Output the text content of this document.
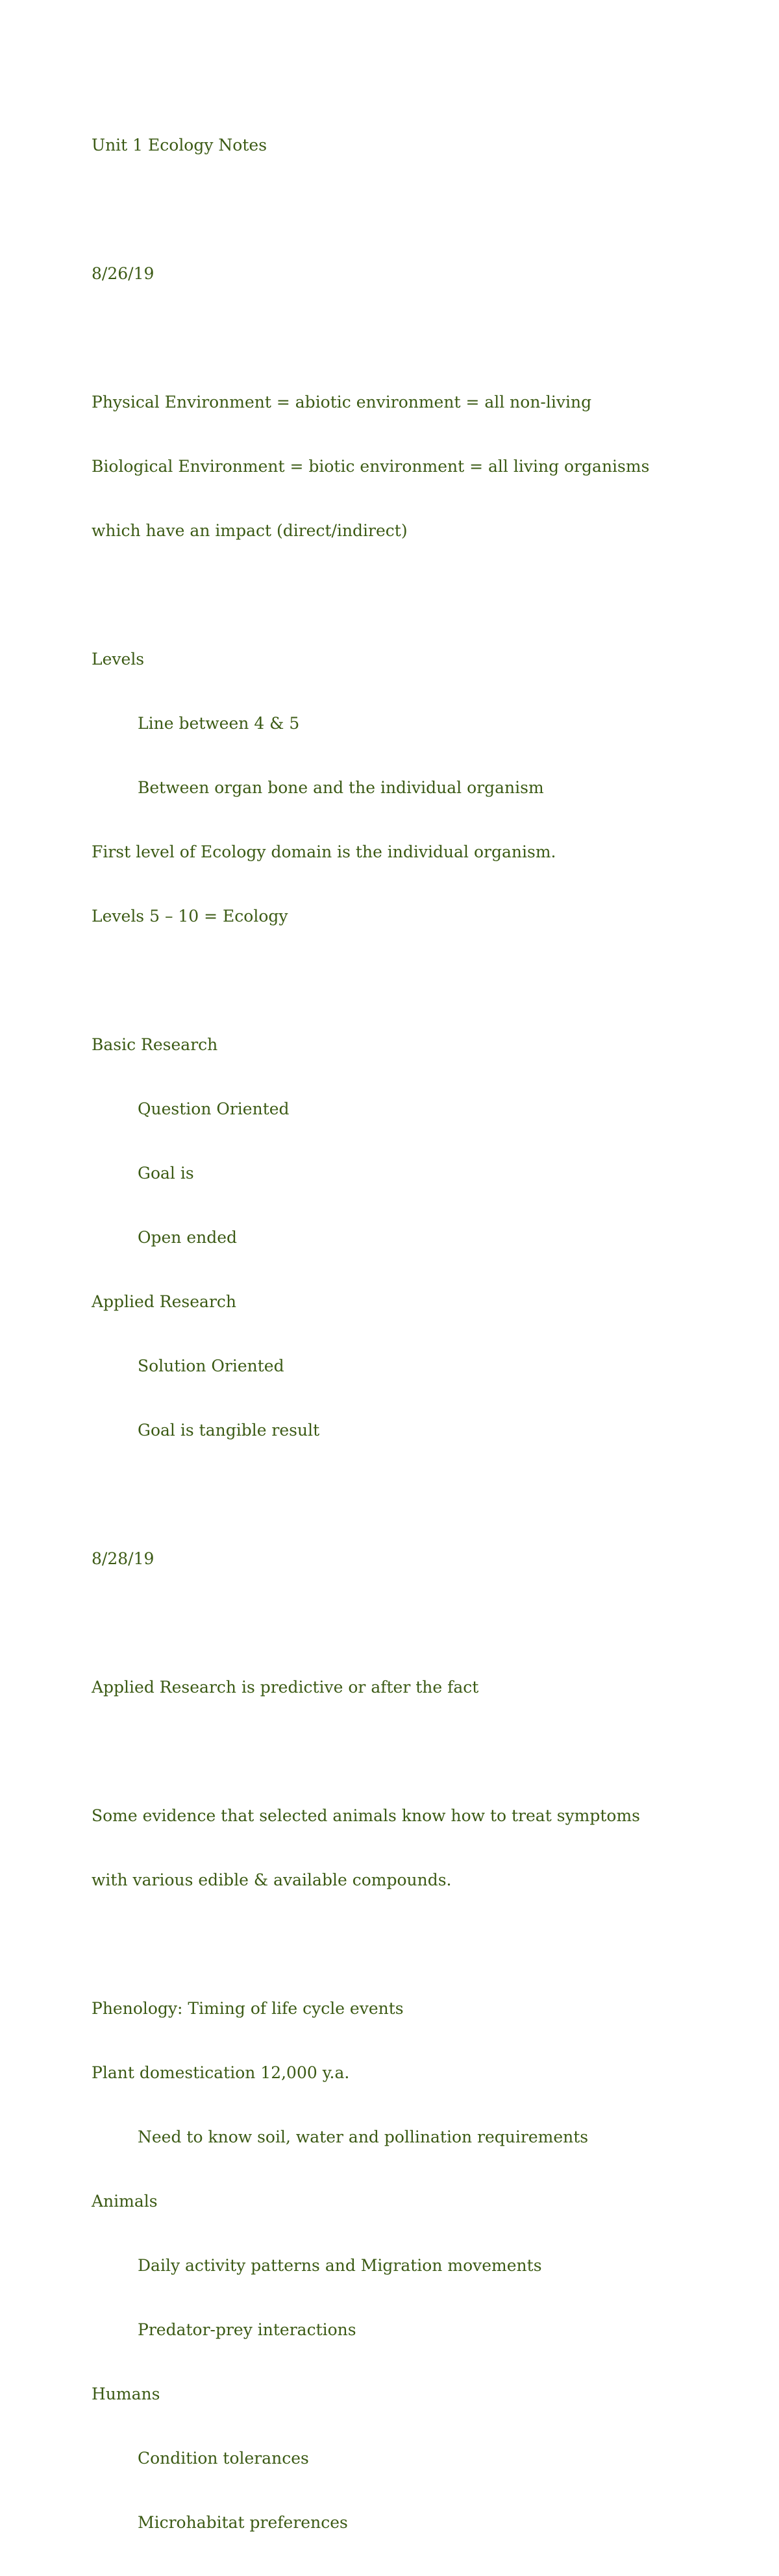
Unit 1 Ecology Notes

8/26/19

Physical Environment = abiotic environment = all non-living

Biological Environment = biotic environment = all living organisms

which have an impact (direct/indirect)

Levels

Line between 4 & 5

Between organ bone and the individual organism

First level of Ecology domain is the individual organism.

Levels 5 – 10 = Ecology

Basic Research

Question Oriented

Goal is

Open ended

Applied Research

Solution Oriented

Goal is tangible result

8/28/19

Applied Research is predictive or after the fact

Some evidence that selected animals know how to treat symptoms

with various edible & available compounds.

Phenology: Timing of life cycle events

Plant domestication 12,000 y.a.

Need to know soil, water and pollination requirements

Animals

Daily activity patterns and Migration movements

Predator-prey interactions

Humans

Condition tolerances

Microhabitat preferences
